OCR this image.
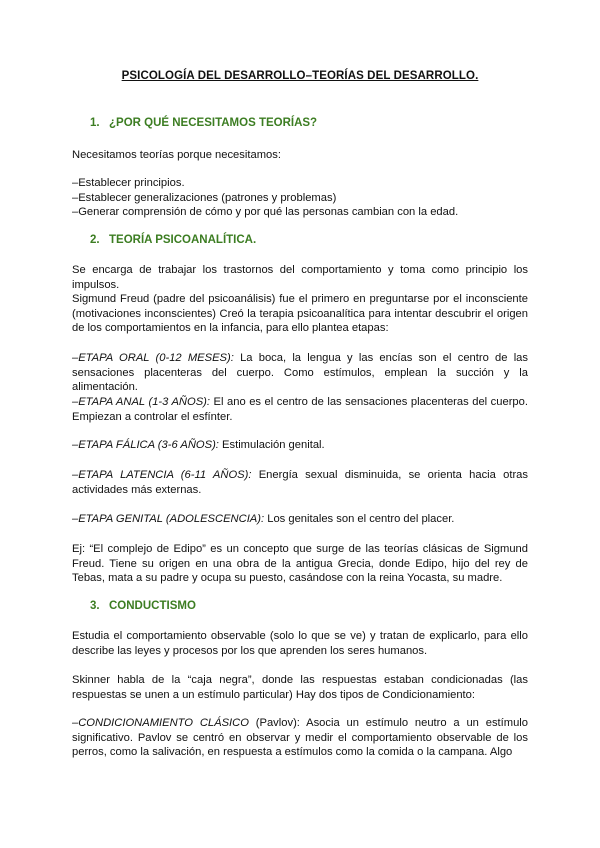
PSICOLOGÍA DEL DESARROLLO–TEORÍAS DEL DESARROLLO.
1. ¿POR QUÉ NECESITAMOS TEORÍAS?

Necesitamos teorías porque necesitamos:

–Establecer principios.

–Establecer generalizaciones (patrones y problemas)

–Generar comprensión de cómo y por qué las personas cambian con la edad.

2. TEORÍA PSICOANALÍTICA.

Se encarga de trabajar los trastornos del comportamiento y toma como principio los impulsos.

Sigmund Freud (padre del psicoanálisis) fue el primero en preguntarse por el inconsciente (motivaciones inconscientes) Creó la terapia psicoanalítica para intentar descubrir el origen de los comportamientos en la infancia, para ello plantea etapas:

–ETAPA ORAL (0-12 MESES): La boca, la lengua y las encías son el centro de las sensaciones placenteras del cuerpo. Como estímulos, emplean la succión y la alimentación.

–ETAPA ANAL (1-3 AÑOS): El ano es el centro de las sensaciones placenteras del cuerpo. Empiezan a controlar el esfínter.

–ETAPA FÁLICA (3-6 AÑOS): Estimulación genital.

–ETAPA LATENCIA (6-11 AÑOS): Energía sexual disminuida, se orienta hacia otras actividades más externas.

–ETAPA GENITAL (ADOLESCENCIA): Los genitales son el centro del placer.

Ej: “El complejo de Edipo” es un concepto que surge de las teorías clásicas de Sigmund Freud. Tiene su origen en una obra de la antigua Grecia, donde Edipo, hijo del rey de Tebas, mata a su padre y ocupa su puesto, casándose con la reina Yocasta, su madre.

3. CONDUCTISMO

Estudia el comportamiento observable (solo lo que se ve) y tratan de explicarlo, para ello describe las leyes y procesos por los que aprenden los seres humanos.

Skinner habla de la “caja negra”, donde las respuestas estaban condicionadas (las respuestas se unen a un estímulo particular) Hay dos tipos de Condicionamiento:

–CONDICIONAMIENTO CLÁSICO (Pavlov): Asocia un estímulo neutro a un estímulo significativo. Pavlov se centró en observar y medir el comportamiento observable de los perros, como la salivación, en respuesta a estímulos como la comida o la campana. Algo
